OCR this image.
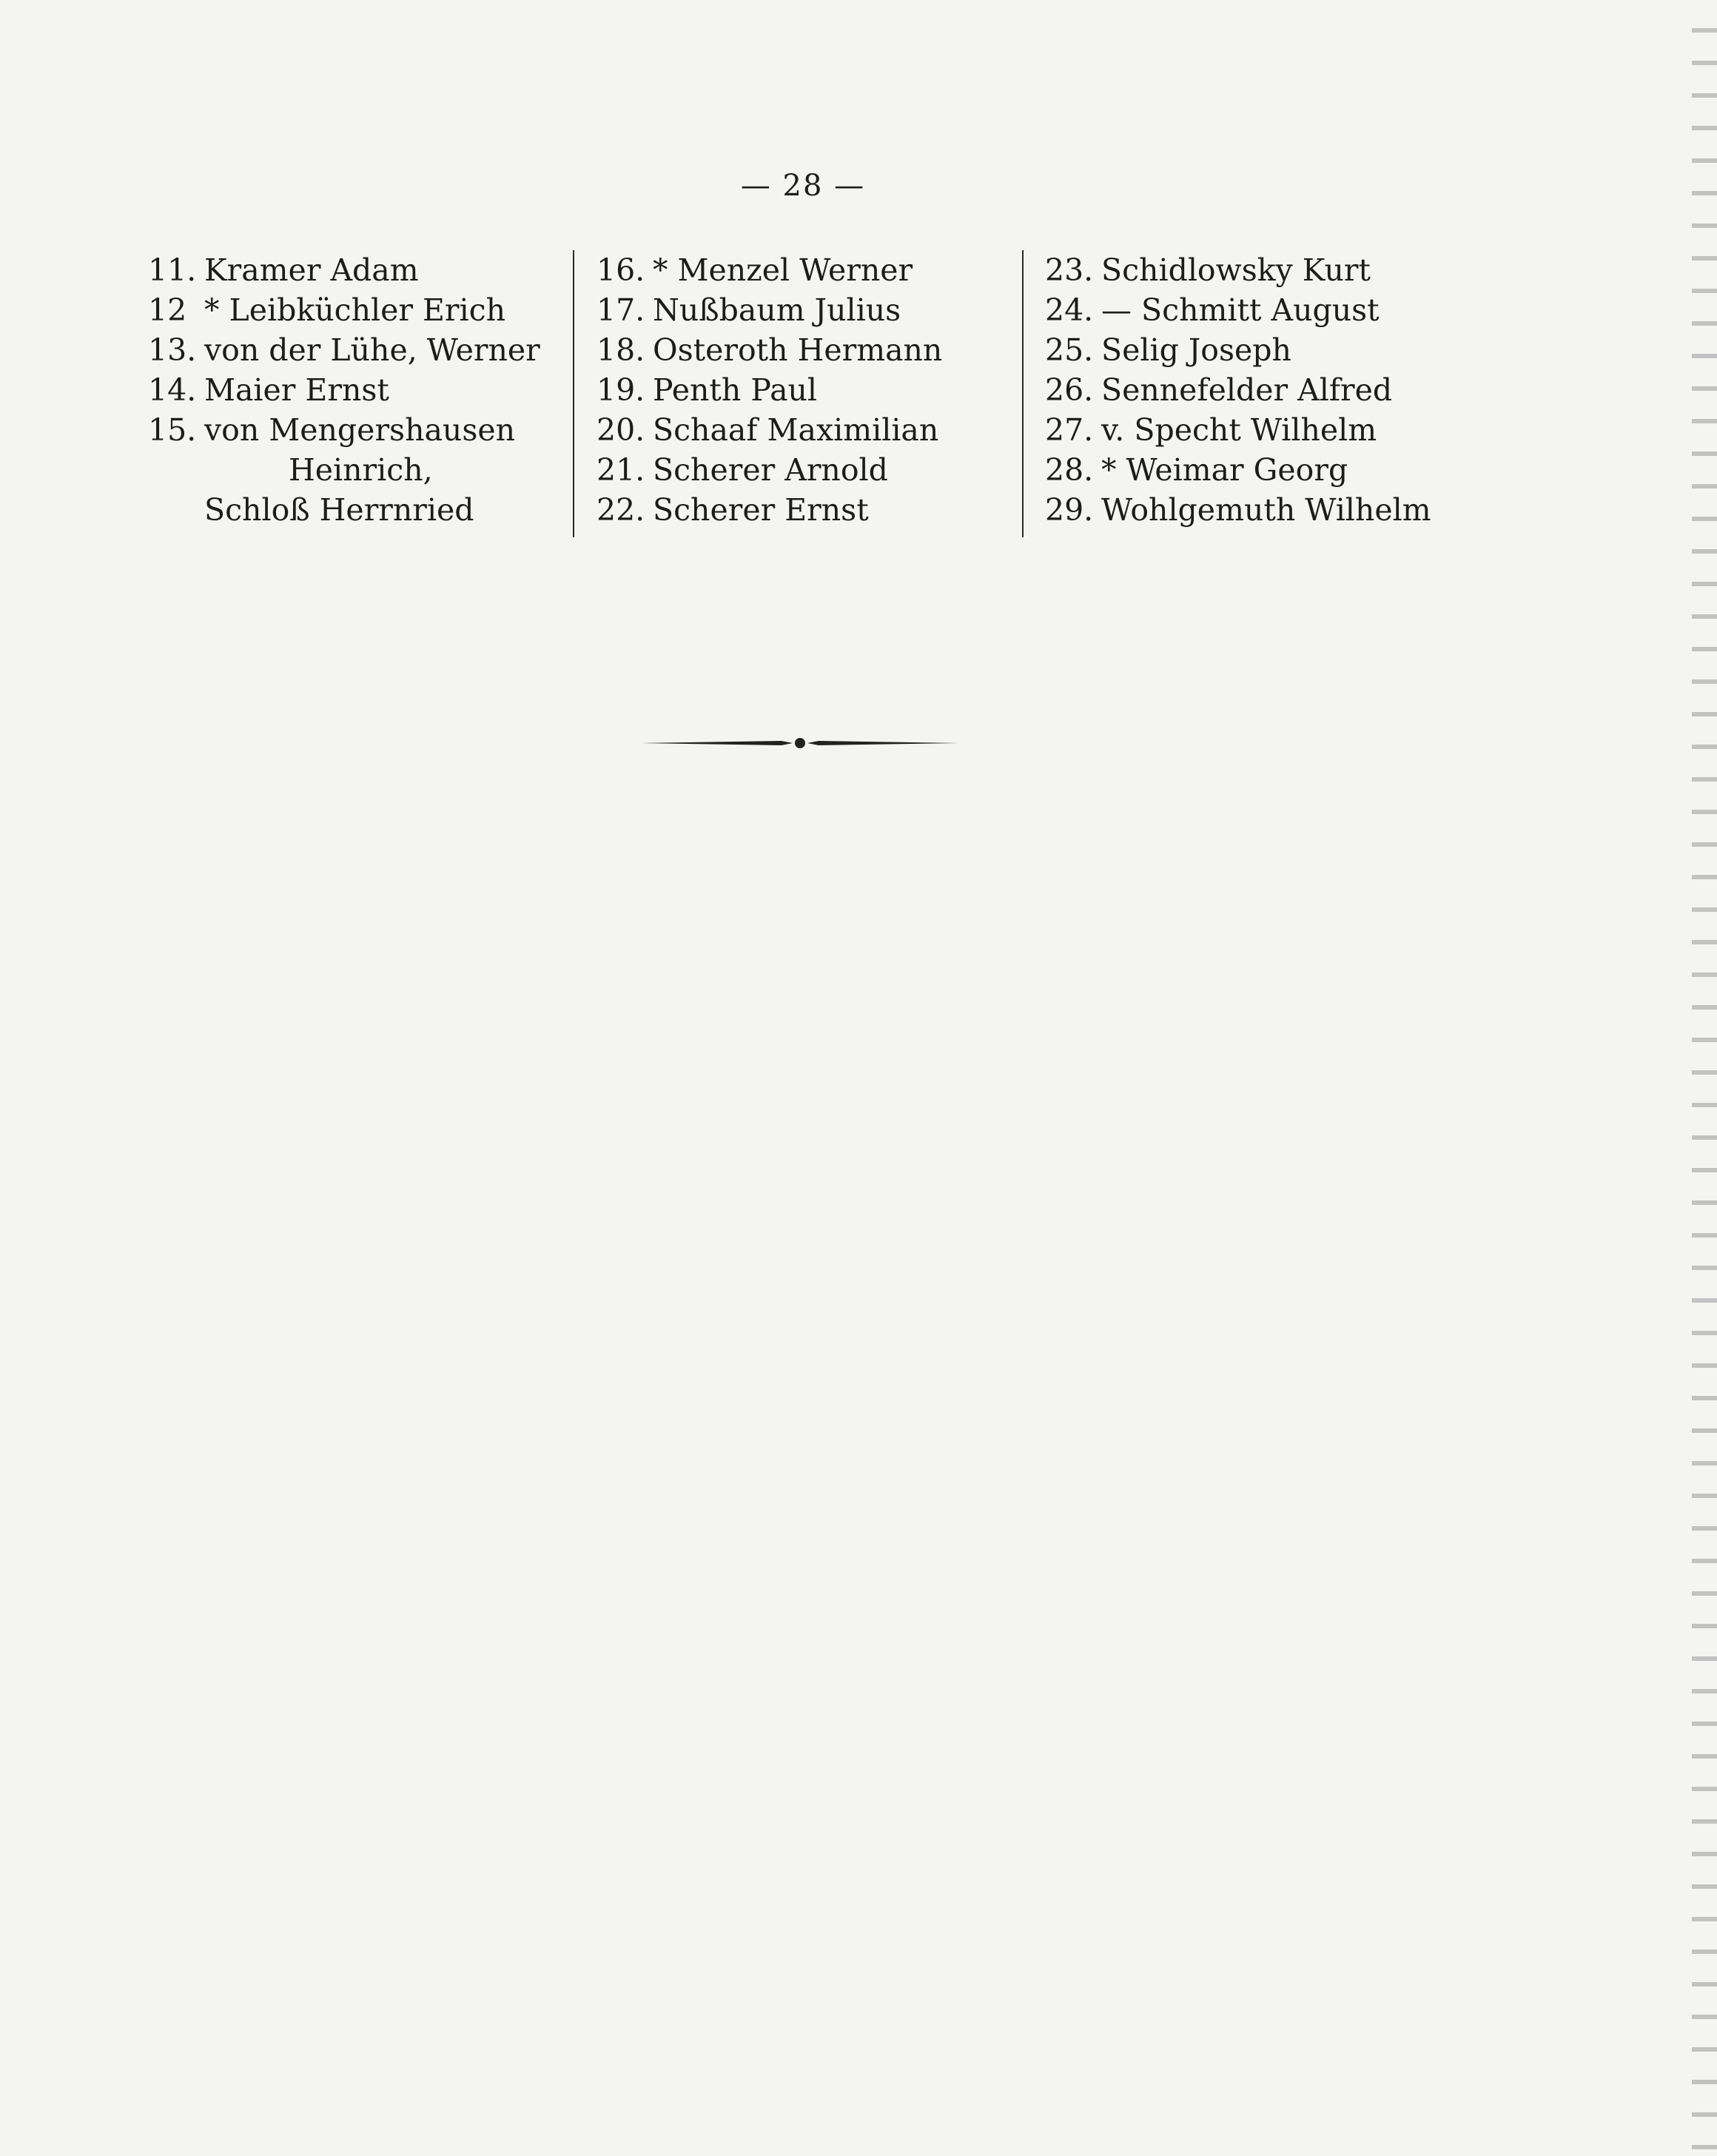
— 28 —
11. Kramer Adam
12 * Leibküchler Erich
13. von der Lühe, Werner
14. Maier Ernst
15. von Mengershausen
Heinrich,
Schloß Herrnried
16. * Menzel Werner
17. Nußbaum Julius
18. Osteroth Hermann
19. Penth Paul
20. Schaaf Maximilian
21. Scherer Arnold
22. Scherer Ernst
23. Schidlowsky Kurt
24. — Schmitt August
25. Selig Joseph
26. Sennefelder Alfred
27. v. Specht Wilhelm
28. * Weimar Georg
29. Wohlgemuth Wilhelm
